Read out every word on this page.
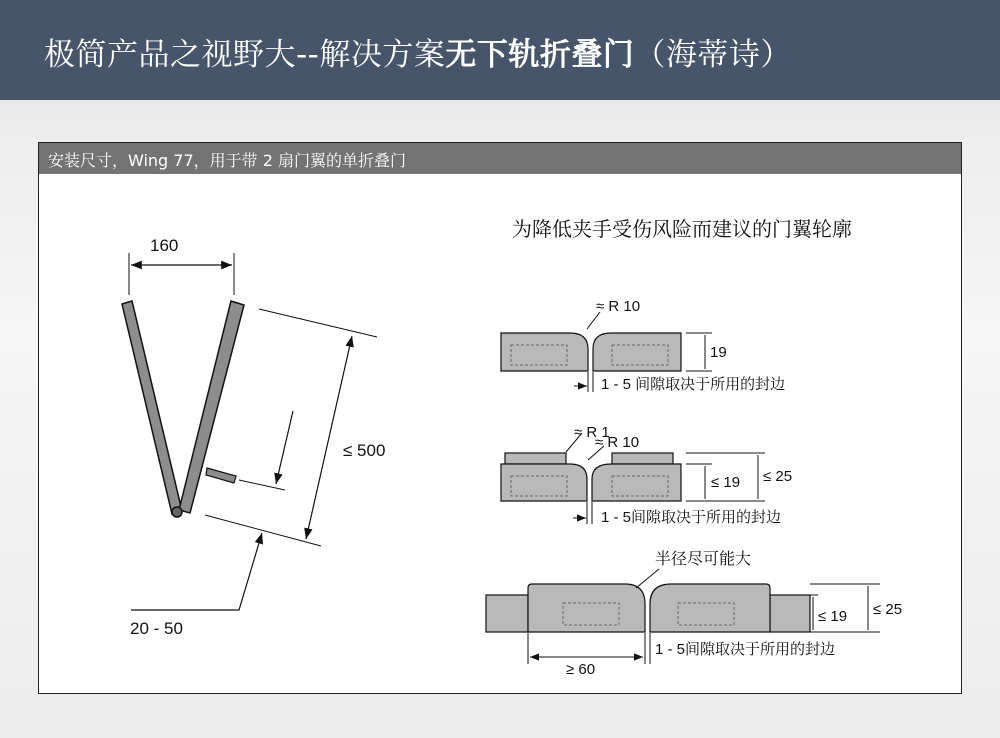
极简产品之视野大--解决方案无下轨折叠门（海蒂诗）
安装尺寸，Wing 77，用于带 2 扇门翼的单折叠门
160
≤ 500
20 - 50
为降低夹手受伤风险而建议的门翼轮廓
≈ R 10
19
1 - 5 间隙取决于所用的封边
≈ R 1
≈ R 10
≤ 19 ≤ 25
1 - 5间隙取决于所用的封边
半径尽可能大
≤ 19 ≤ 25
1 - 5间隙取决于所用的封边
≥ 60
